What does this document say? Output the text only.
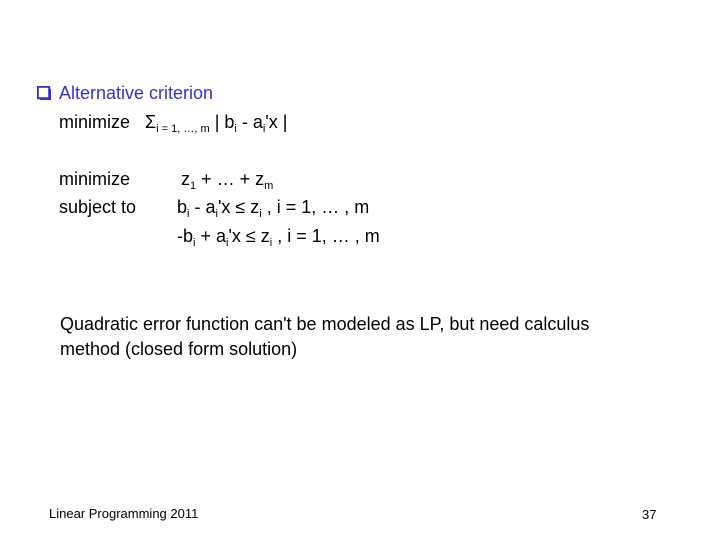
Alternative criterion
minimize $\Sigma_{i = 1, \dots, m}$ | $b_i - a_i'x$ |
minimize
subject to
$z_1$ + … + $z_m$
$b_i - a_i'x \le z_i$ , i = 1, … , m
$-b_i + a_i'x \le z_i$ , i = 1, … , m
Quadratic error function can't be modeled as LP, but need calculus
method (closed form solution)
Linear Programming 2011	37
